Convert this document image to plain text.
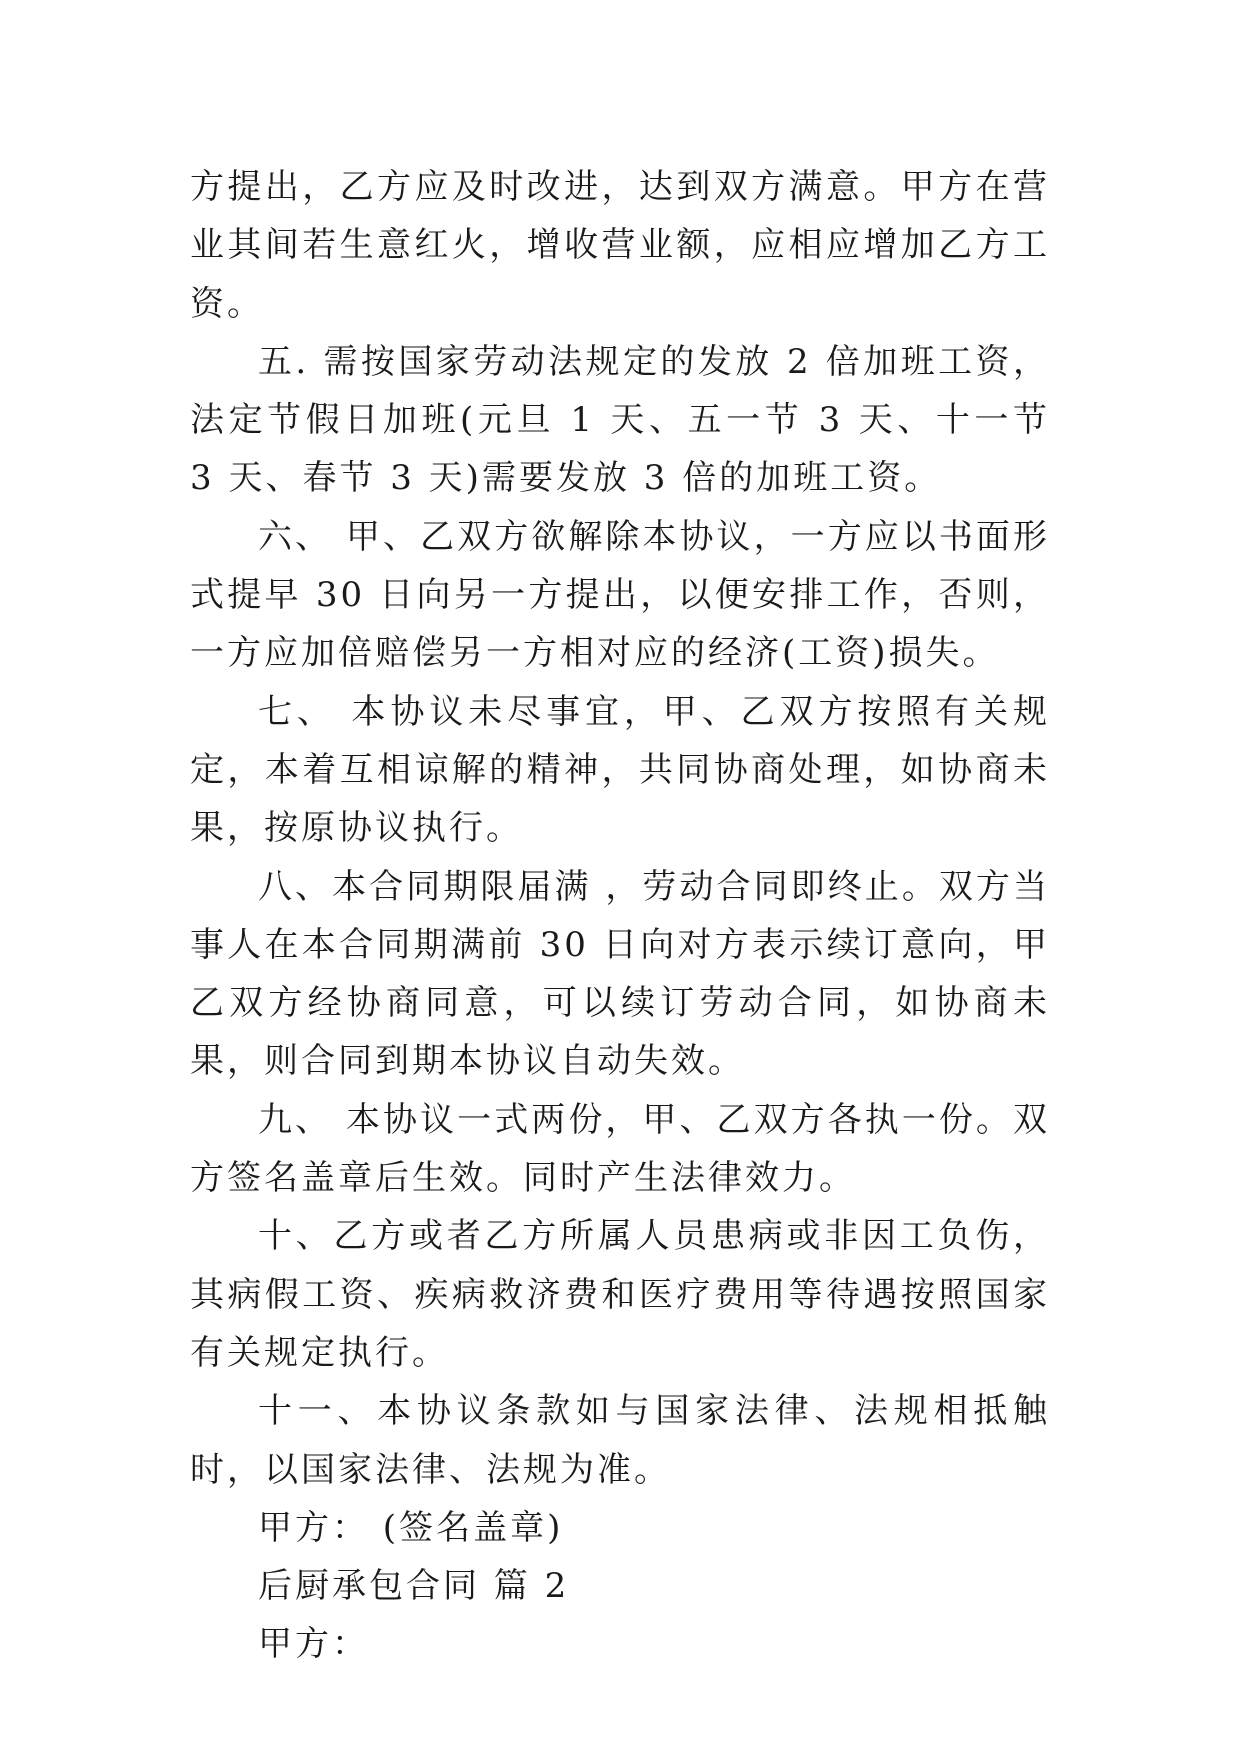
方提出，乙方应及时改进，达到双方满意。甲方在营业其间若生意红火，增收营业额，应相应增加乙方工资。

五. 需按国家劳动法规定的发放 2 倍加班工资，法定节假日加班(元旦 1 天、五一节 3 天、十一节 3 天、春节 3 天)需要发放 3 倍的加班工资。

六、 甲、乙双方欲解除本协议，一方应以书面形式提早 30 日向另一方提出，以便安排工作，否则，一方应加倍赔偿另一方相对应的经济(工资)损失。

七、 本协议未尽事宜，甲、乙双方按照有关规定，本着互相谅解的精神，共同协商处理，如协商未果，按原协议执行。

八、本合同期限届满 ，劳动合同即终止。双方当事人在本合同期满前 30 日向对方表示续订意向，甲乙双方经协商同意，可以续订劳动合同，如协商未果，则合同到期本协议自动失效。

九、 本协议一式两份，甲、乙双方各执一份。双方签名盖章后生效。同时产生法律效力。

十、乙方或者乙方所属人员患病或非因工负伤，其病假工资、疾病救济费和医疗费用等待遇按照国家有关规定执行。

十一、本协议条款如与国家法律、法规相抵触时，以国家法律、法规为准。

甲方： (签名盖章)

后厨承包合同 篇 2

甲方：
